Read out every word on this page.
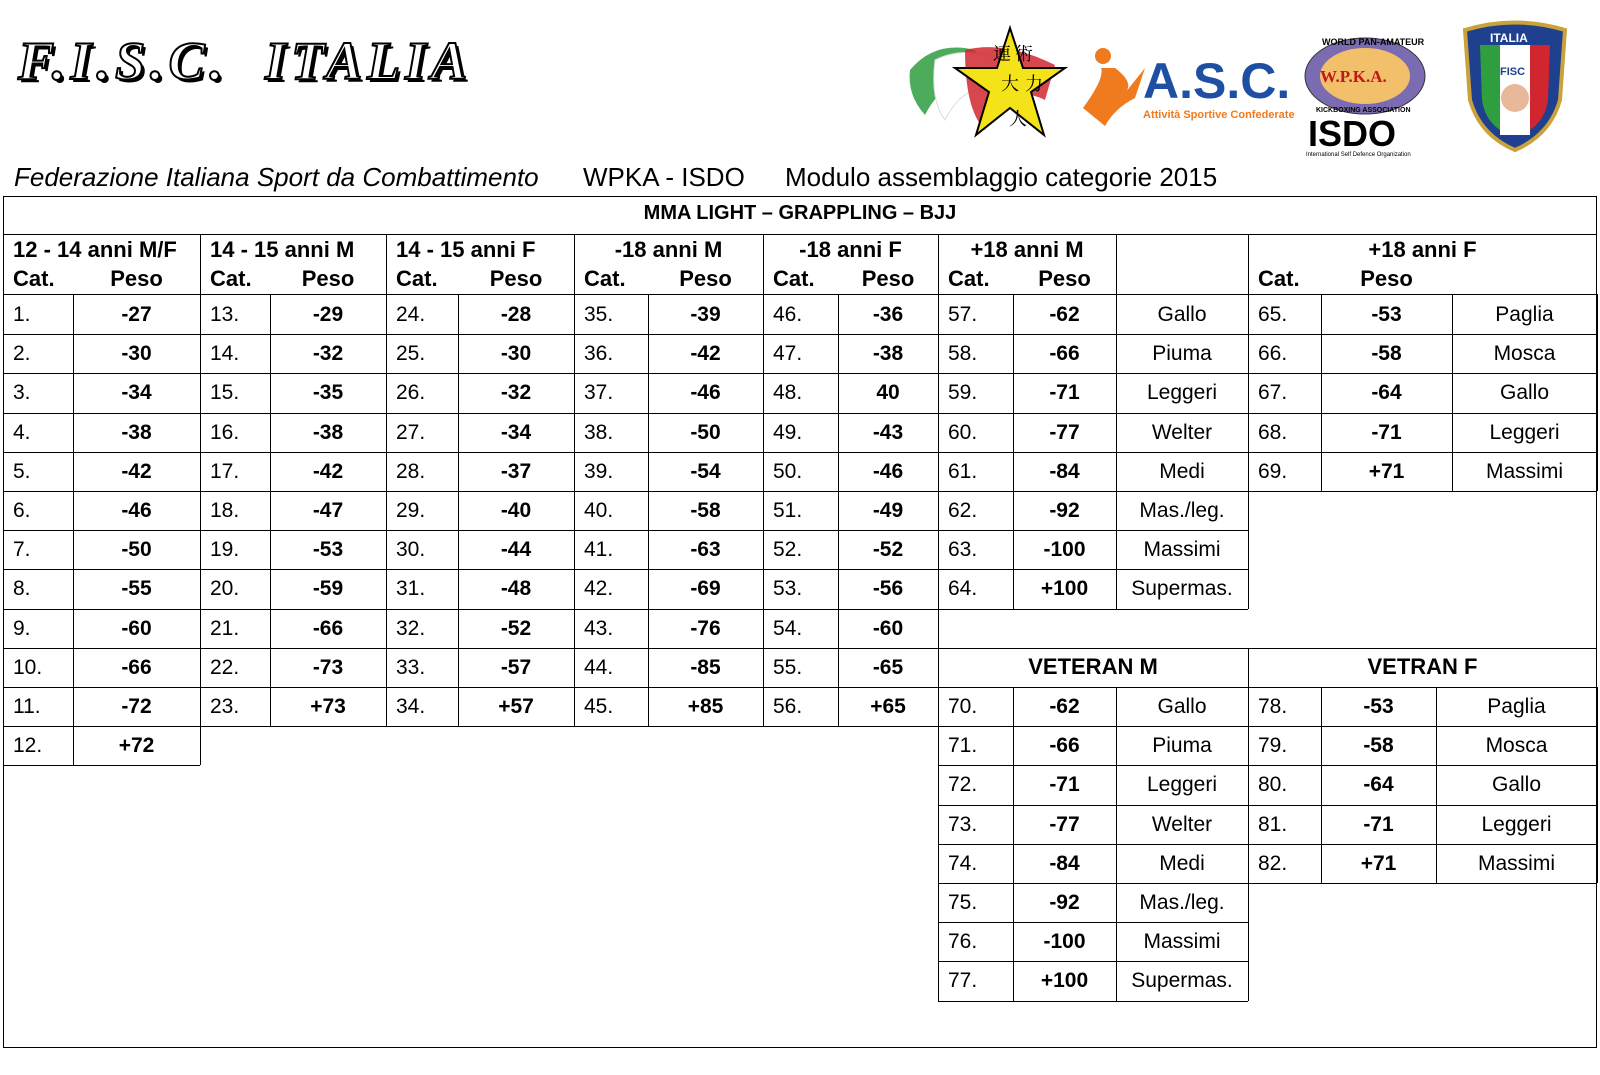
F.I.S.C.  ITALIA	連 術
大 力
人
A.S.C.
Attività Sportive Confederate
WORLD PAN-AMATEUR
W.P.K.A.
KICKBOXING ASSOCIATION
ISDO
International Self Defence Organization
ITALIA
FISC
Federazione Italiana Sport da Combattimento WPKA - ISDO Modulo assemblaggio categorie 2015
MMA LIGHT – GRAPPLING – BJJ
12 - 14 anni M/F
Cat.	Peso
1.	-27
2.	-30
3.	-34
4.	-38
5.	-42
6.	-46
7.	-50
8.	-55
9.	-60
10.	-66
11.	-72
12.	+72
14 - 15 anni M
Cat.	Peso
13.	-29
14.	-32
15.	-35
16.	-38
17.	-42
18.	-47
19.	-53
20.	-59
21.	-66
22.	-73
23.	+73
14 - 15 anni F
Cat.	Peso
24.	-28
25.	-30
26.	-32
27.	-34
28.	-37
29.	-40
30.	-44
31.	-48
32.	-52
33.	-57
34.	+57
-18 anni M
Cat.	Peso
35.	-39
36.	-42
37.	-46
38.	-50
39.	-54
40.	-58
41.	-63
42.	-69
43.	-76
44.	-85
45.	+85
-18 anni F
Cat.	Peso
46.	-36
47.	-38
48.	40
49.	-43
50.	-46
51.	-49
52.	-52
53.	-56
54.	-60
55.	-65
56.	+65
+18 anni M
Cat.	Peso
57.	-62	Gallo
58.	-66	Piuma
59.	-71	Leggeri
60.	-77	Welter
61.	-84	Medi
62.	-92	Mas./leg.
63.	-100	Massimi
64.	+100	Supermas.
+18 anni F
Cat.	Peso
65.	-53	Paglia
66.	-58	Mosca
67.	-64	Gallo
68.	-71	Leggeri
69.	+71	Massimi
VETERAN M	VETRAN F
70.	-62	Gallo
71.	-66	Piuma
72.	-71	Leggeri
73.	-77	Welter
74.	-84	Medi
75.	-92	Mas./leg.
76.	-100	Massimi
77.	+100	Supermas.
78.	-53	Paglia
79.	-58	Mosca
80.	-64	Gallo
81.	-71	Leggeri
82.	+71	Massimi
